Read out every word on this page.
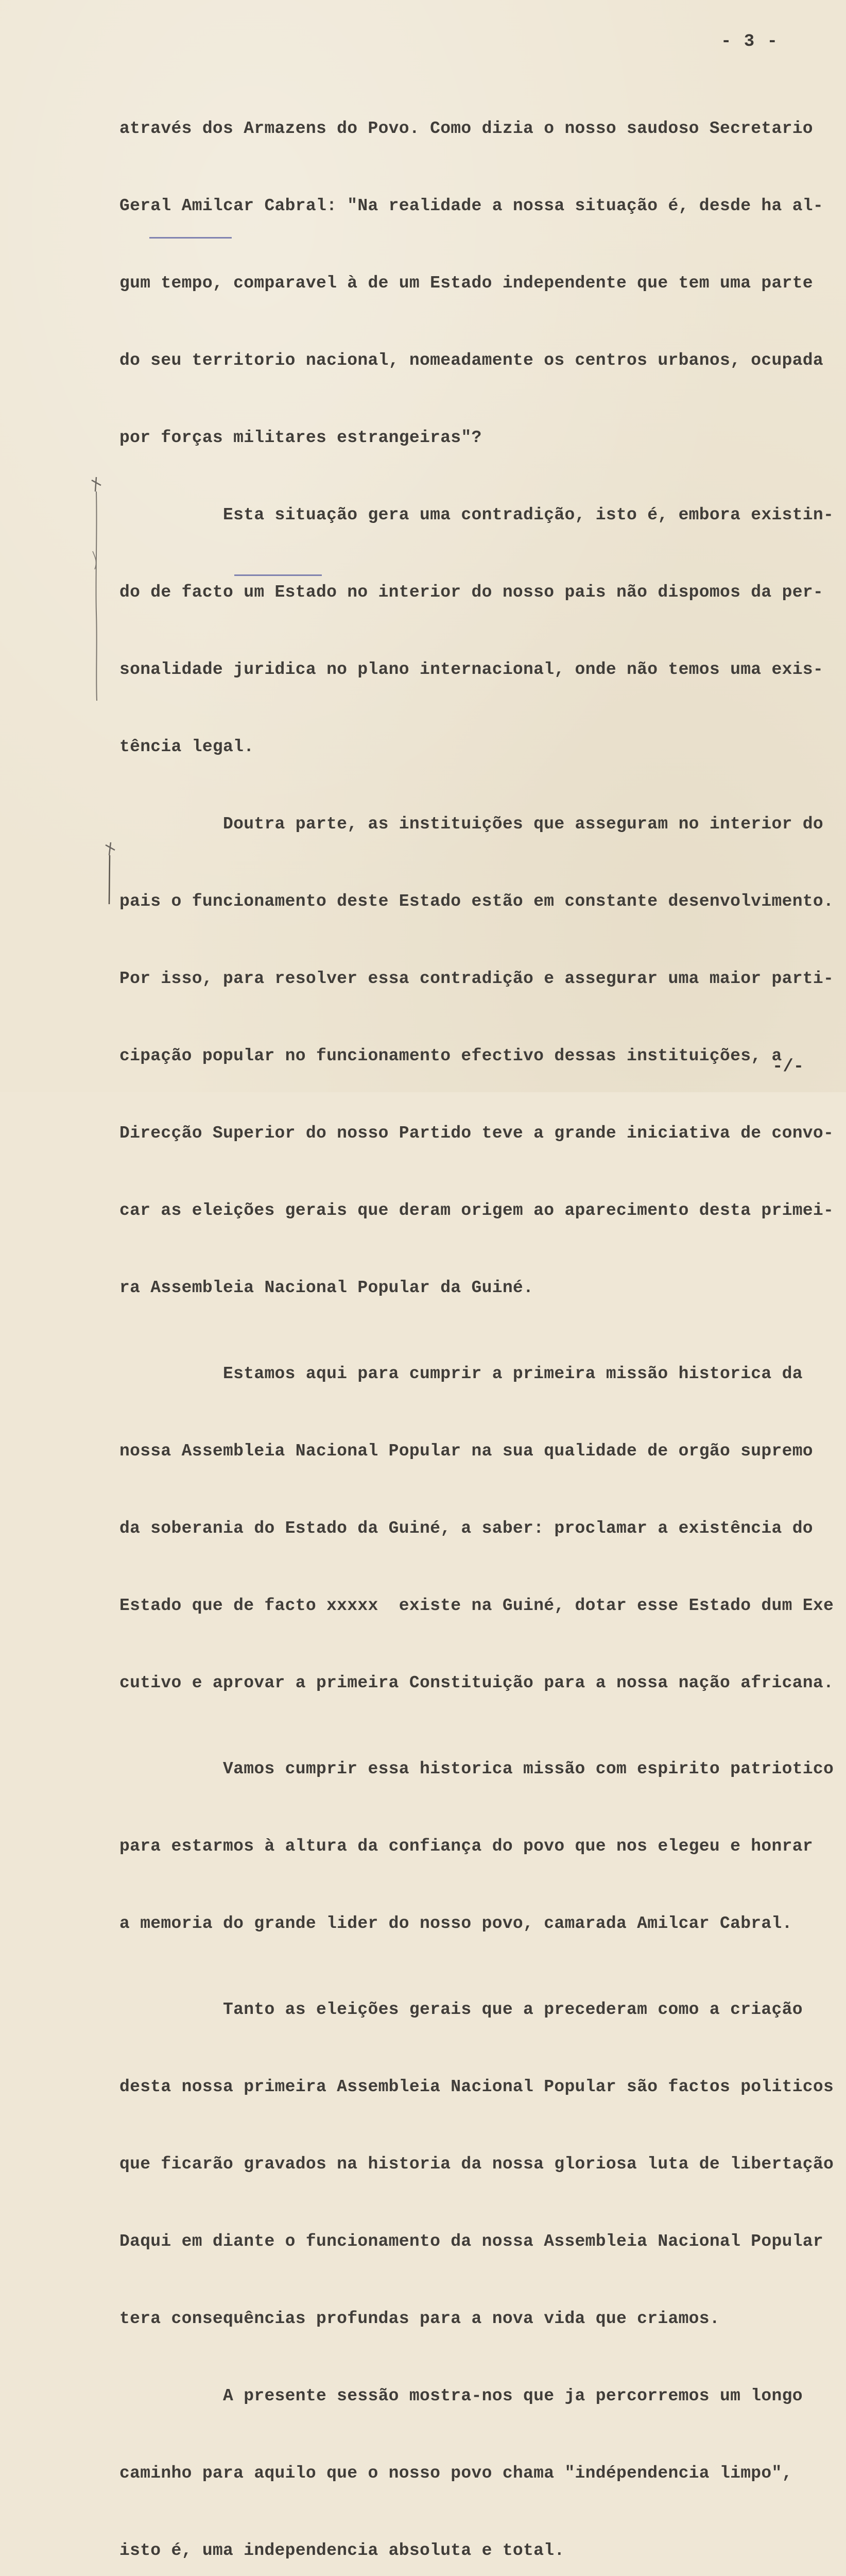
- 3 -

através dos Armazens do Povo. Como dizia o nosso saudoso Secretario

Geral Amilcar Cabral: "Na realidade a nossa situação é, desde ha al-

gum tempo, comparavel à de um Estado independente que tem uma parte

do seu territorio nacional, nomeadamente os centros urbanos, ocupada

por forças militares estrangeiras"?

Esta situação gera uma contradição, isto é, embora existin-

do de facto um Estado no interior do nosso pais não dispomos da per-

sonalidade juridica no plano internacional, onde não temos uma exis-

tência legal.

Doutra parte, as instituições que asseguram no interior do

pais o funcionamento deste Estado estão em constante desenvolvimento.

Por isso, para resolver essa contradição e assegurar uma maior parti-

cipação popular no funcionamento efectivo dessas instituições, a

Direcção Superior do nosso Partido teve a grande iniciativa de convo-

car as eleições gerais que deram origem ao aparecimento desta primei-

ra Assembleia Nacional Popular da Guiné.

Estamos aqui para cumprir a primeira missão historica da

nossa Assembleia Nacional Popular na sua qualidade de orgão supremo

da soberania do Estado da Guiné, a saber: proclamar a existência do

Estado que de facto xxxxx  existe na Guiné, dotar esse Estado dum Exe

cutivo e aprovar a primeira Constituição para a nossa nação africana.

Vamos cumprir essa historica missão com espirito patriotico

para estarmos à altura da confiança do povo que nos elegeu e honrar

a memoria do grande lider do nosso povo, camarada Amilcar Cabral.

Tanto as eleições gerais que a precederam como a criação

desta nossa primeira Assembleia Nacional Popular são factos politicos

que ficarão gravados na historia da nossa gloriosa luta de libertação

Daqui em diante o funcionamento da nossa Assembleia Nacional Popular

tera consequências profundas para a nova vida que criamos.

A presente sessão mostra-nos que ja percorremos um longo

caminho para aquilo que o nosso povo chama "indépendencia limpo",

isto é, uma independencia absoluta e total.

-/-
